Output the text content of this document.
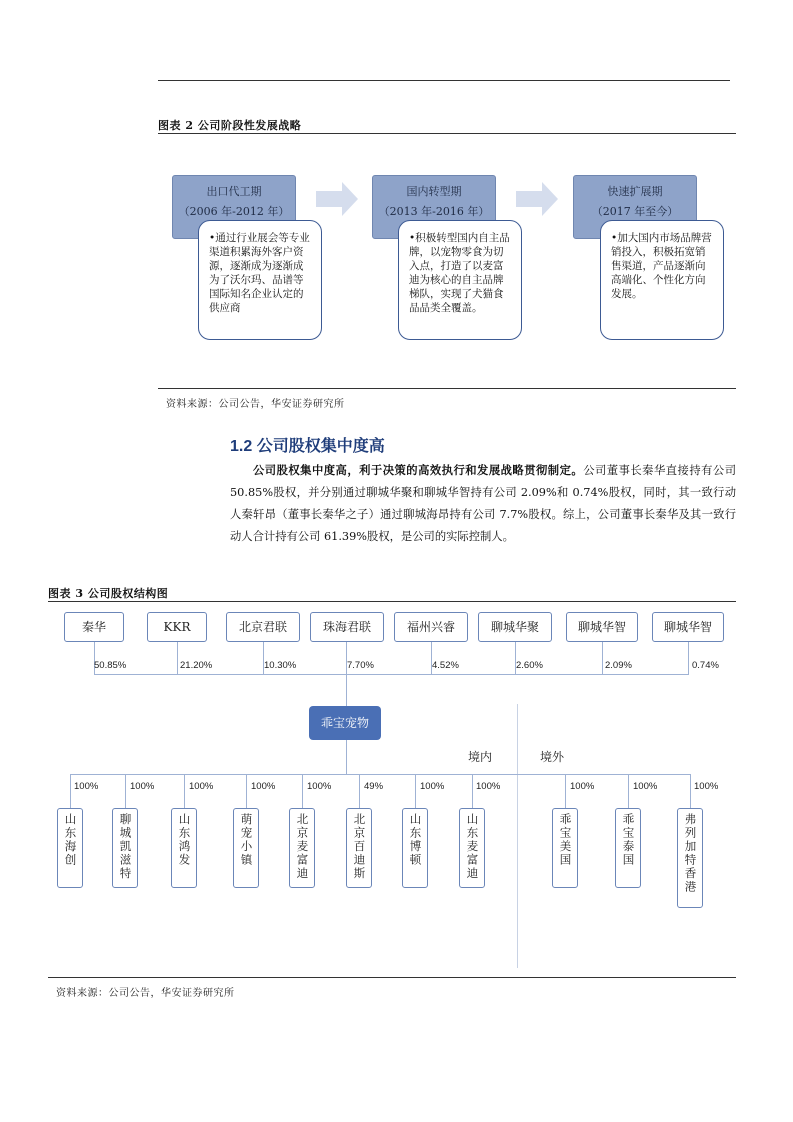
图表 2 公司阶段性发展战略
出口代工期
（2006 年-2012 年）
•通过行业展会等专业渠道积累海外客户资源，逐渐成为逐渐成为了沃尔玛、品谱等国际知名企业认定的供应商
国内转型期
（2013 年-2016 年）
•积极转型国内自主品牌，以宠物零食为切入点，打造了以麦富迪为核心的自主品牌梯队，实现了犬猫食品品类全覆盖。
快速扩展期
（2017 年至今）
•加大国内市场品牌营销投入，积极拓宽销售渠道，产品逐渐向高端化、个性化方向发展。
资料来源：公司公告，华安证券研究所
1.2 公司股权集中度高
公司股权集中度高，利于决策的高效执行和发展战略贯彻制定。公司董事长秦华直接持有公司 50.85%股权，并分别通过聊城华聚和聊城华智持有公司 2.09%和 0.74%股权，同时，其一致行动人秦轩昂（董事长秦华之子）通过聊城海昂持有公司 7.7%股权。综上，公司董事长秦华及其一致行动人合计持有公司 61.39%股权，是公司的实际控制人。
图表 3 公司股权结构图
秦华	KKR	北京君联	珠海君联	福州兴睿	聊城华聚	聊城华智	聊城华智
50.85%	21.20%	10.30%	7.70%	4.52%	2.60%	2.09%	0.74%
乖宝宠物
境内	境外
100%	100%	100%	100%	100%	49%	100%	100%	100%	100%	100%
山东海创	聊城凯滋特	山东鸿发	萌宠小镇	北京麦富迪	北京百迪斯	山东博顿	山东麦富迪	乖宝美国	乖宝泰国	弗列加特香港
资料来源：公司公告，华安证券研究所
